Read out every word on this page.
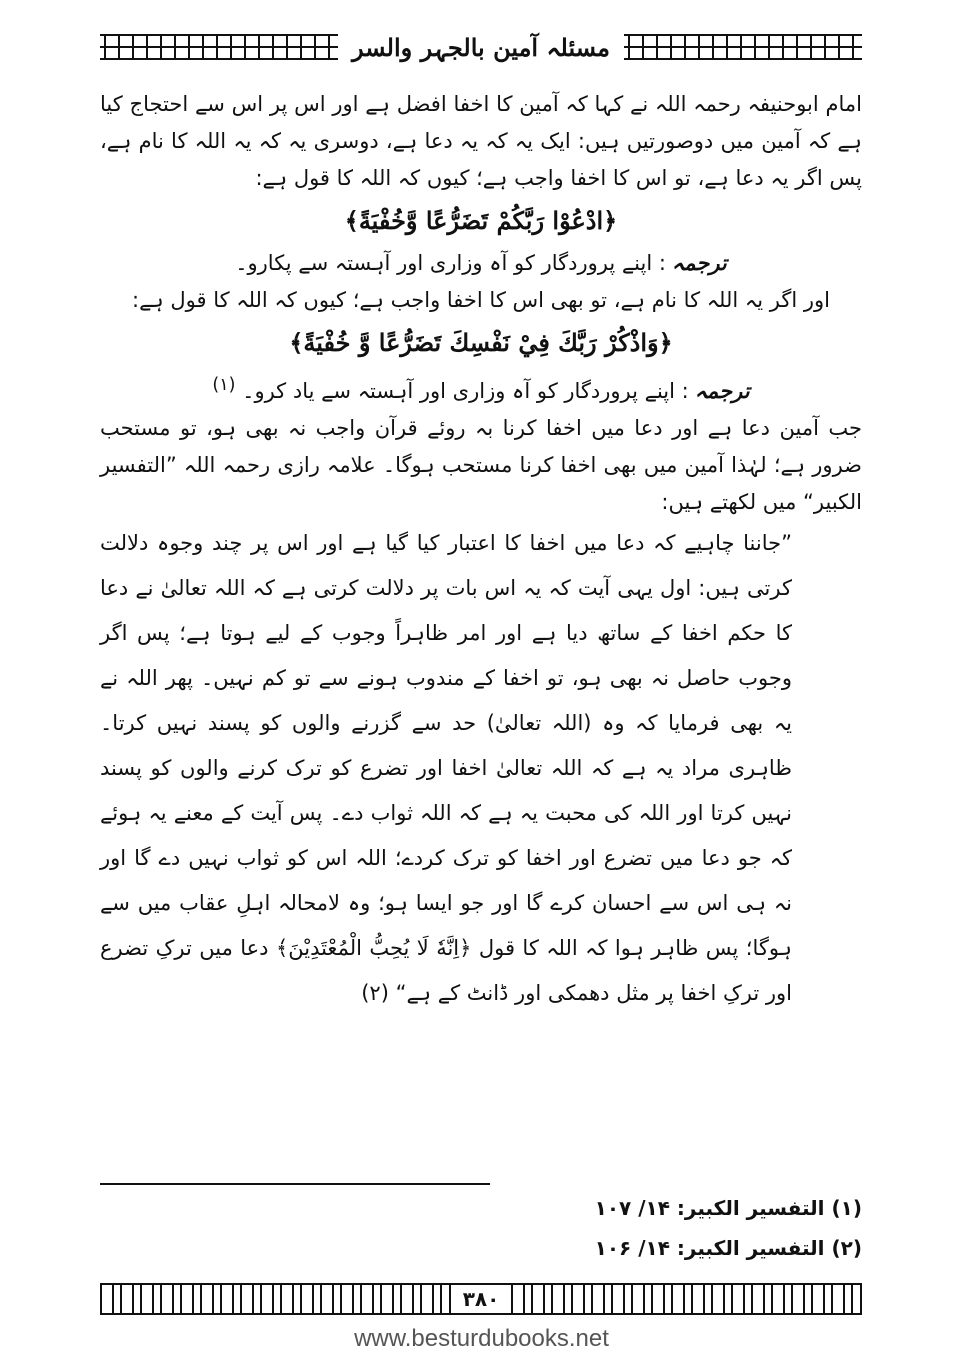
مسئلہ آمین بالجہر والسر

امام ابوحنیفہ رحمہ اللہ نے کہا کہ آمین کا اخفا افضل ہے اور اس پر اس سے احتجاج کیا ہے کہ آمین میں دوصورتیں ہیں: ایک یہ کہ یہ دعا ہے، دوسری یہ کہ یہ اللہ کا نام ہے، پس اگر یہ دعا ہے، تو اس کا اخفا واجب ہے؛ کیوں کہ اللہ کا قول ہے:

﴿ادْعُوْا رَبَّكُمْ تَضَرُّعًا وَّخُفْيَةً﴾
ترجمہ: اپنے پروردگار کو آہ وزاری اور آہستہ سے پکارو۔

اور اگر یہ اللہ کا نام ہے، تو بھی اس کا اخفا واجب ہے؛ کیوں کہ اللہ کا قول ہے:

﴿وَاذْكُرْ رَبَّكَ فِيْ نَفْسِكَ تَضَرُّعًا وَّ خُفْيَةً﴾
ترجمہ: اپنے پروردگار کو آہ وزاری اور آہستہ سے یاد کرو۔ $^{(۱)}$

جب آمین دعا ہے اور دعا میں اخفا کرنا بہ روئے قرآن واجب نہ بھی ہو، تو مستحب ضرور ہے؛ لہٰذا آمین میں بھی اخفا کرنا مستحب ہوگا۔ علامہ رازی رحمہ اللہ ”التفسیر الکبیر“ میں لکھتے ہیں:

”جاننا چاہیے کہ دعا میں اخفا کا اعتبار کیا گیا ہے اور اس پر چند وجوہ دلالت کرتی ہیں: اول یہی آیت کہ یہ اس بات پر دلالت کرتی ہے کہ اللہ تعالیٰ نے دعا کا حکم اخفا کے ساتھ دیا ہے اور امر ظاہراً وجوب کے لیے ہوتا ہے؛ پس اگر وجوب حاصل نہ بھی ہو، تو اخفا کے مندوب ہونے سے تو کم نہیں۔ پھر اللہ نے یہ بھی فرمایا کہ وہ (اللہ تعالیٰ) حد سے گزرنے والوں کو پسند نہیں کرتا۔ ظاہری مراد یہ ہے کہ اللہ تعالیٰ اخفا اور تضرع کو ترک کرنے والوں کو پسند نہیں کرتا اور اللہ کی محبت یہ ہے کہ اللہ ثواب دے۔ پس آیت کے معنے یہ ہوئے کہ جو دعا میں تضرع اور اخفا کو ترک کردے؛ اللہ اس کو ثواب نہیں دے گا اور نہ ہی اس سے احسان کرے گا اور جو ایسا ہو؛ وہ لامحالہ اہلِ عقاب میں سے ہوگا؛ پس ظاہر ہوا کہ اللہ کا قول ﴿اِنَّهٗ لَا يُحِبُّ الْمُعْتَدِيْنَ﴾ دعا میں ترکِ تضرع اور ترکِ اخفا پر مثل دھمکی اور ڈانٹ کے ہے“ (۲)

(۱) التفسیر الکبیر: ۱۴/ ۱۰۷
(۲) التفسیر الکبیر: ۱۴/ ۱۰۶
۳۸۰
www.besturdubooks.net
